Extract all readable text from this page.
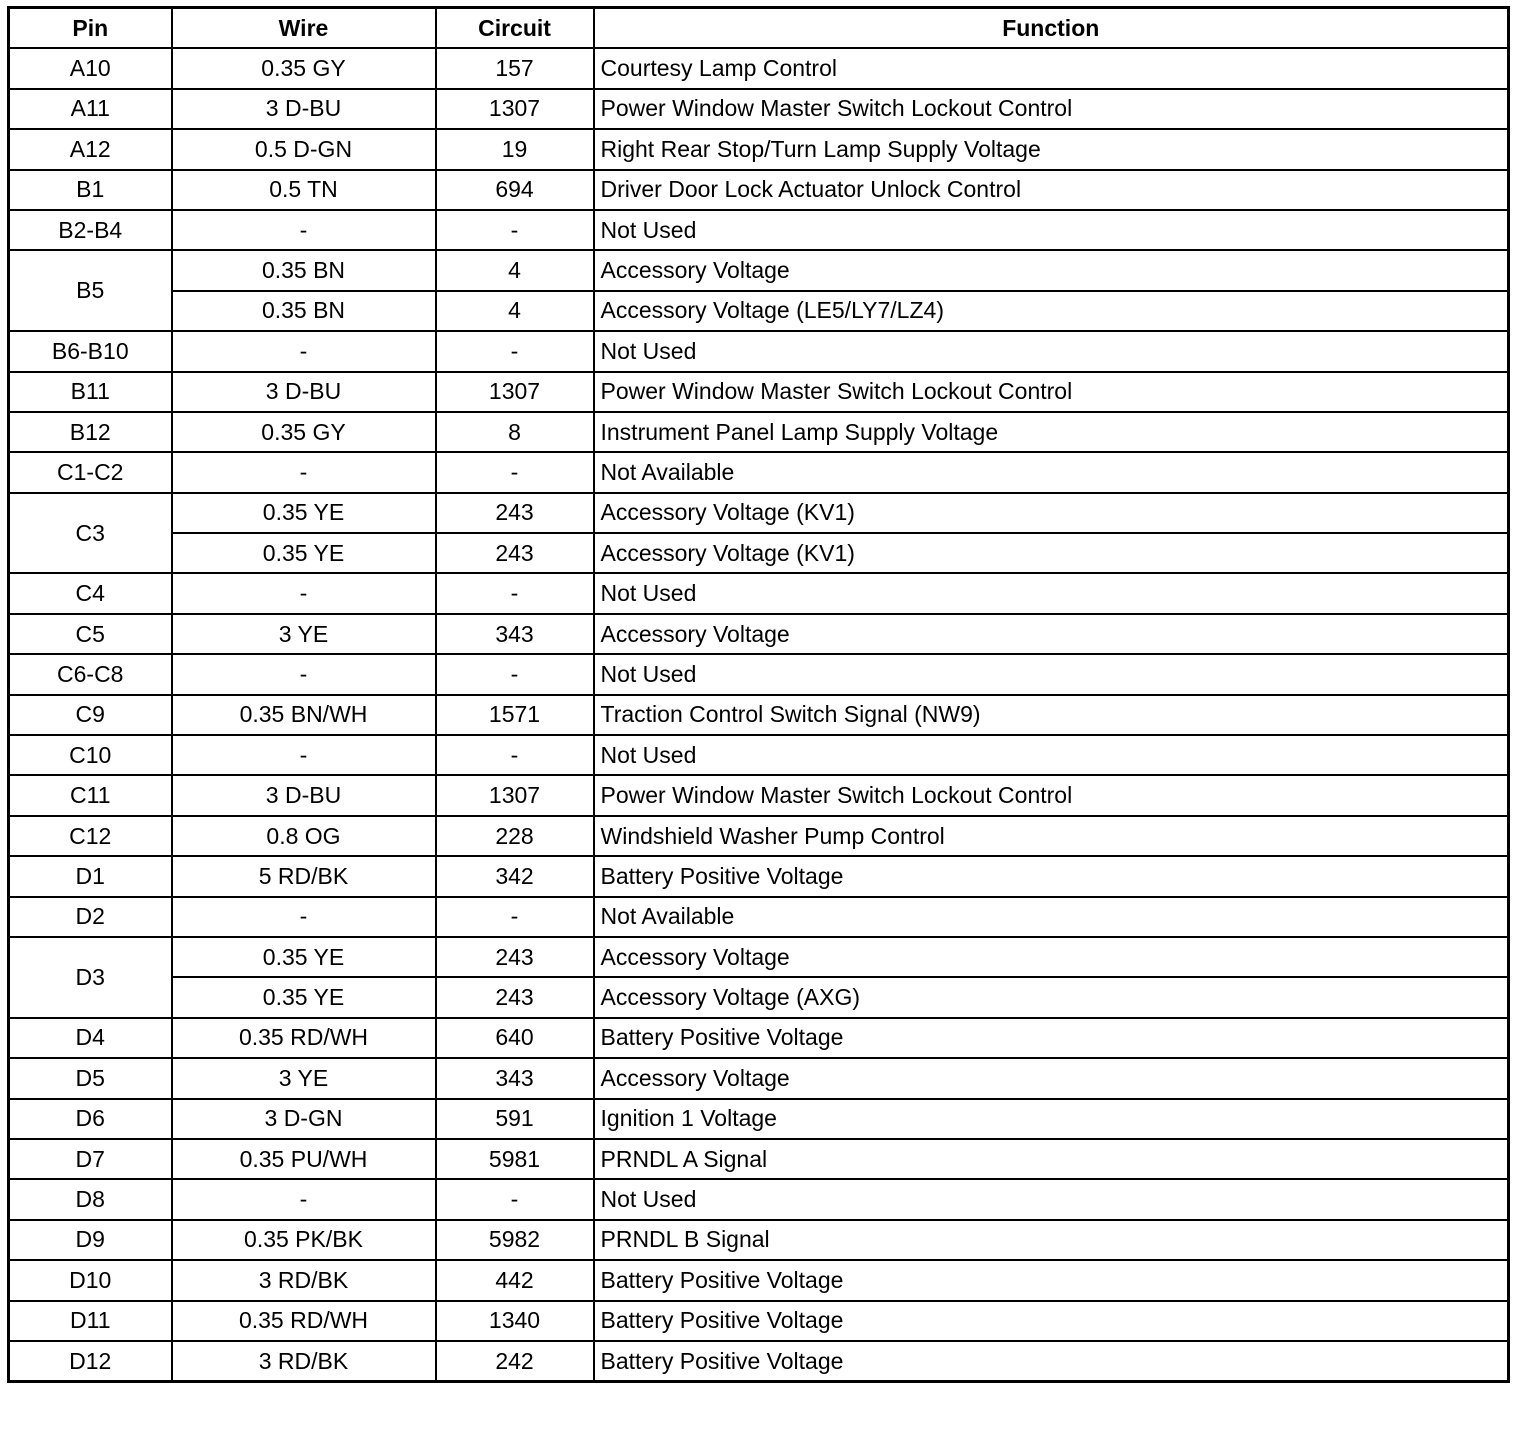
Pin	Wire	Circuit	Function
A10	0.35 GY	157	Courtesy Lamp Control
A11	3 D-BU	1307	Power Window Master Switch Lockout Control
A12	0.5 D-GN	19	Right Rear Stop/Turn Lamp Supply Voltage
B1	0.5 TN	694	Driver Door Lock Actuator Unlock Control
B2-B4	-	-	Not Used
B5	0.35 BN	4	Accessory Voltage
	0.35 BN	4	Accessory Voltage (LE5/LY7/LZ4)
B6-B10	-	-	Not Used
B11	3 D-BU	1307	Power Window Master Switch Lockout Control
B12	0.35 GY	8	Instrument Panel Lamp Supply Voltage
C1-C2	-	-	Not Available
C3	0.35 YE	243	Accessory Voltage (KV1)
	0.35 YE	243	Accessory Voltage (KV1)
C4	-	-	Not Used
C5	3 YE	343	Accessory Voltage
C6-C8	-	-	Not Used
C9	0.35 BN/WH	1571	Traction Control Switch Signal (NW9)
C10	-	-	Not Used
C11	3 D-BU	1307	Power Window Master Switch Lockout Control
C12	0.8 OG	228	Windshield Washer Pump Control
D1	5 RD/BK	342	Battery Positive Voltage
D2	-	-	Not Available
D3	0.35 YE	243	Accessory Voltage
	0.35 YE	243	Accessory Voltage (AXG)
D4	0.35 RD/WH	640	Battery Positive Voltage
D5	3 YE	343	Accessory Voltage
D6	3 D-GN	591	Ignition 1 Voltage
D7	0.35 PU/WH	5981	PRNDL A Signal
D8	-	-	Not Used
D9	0.35 PK/BK	5982	PRNDL B Signal
D10	3 RD/BK	442	Battery Positive Voltage
D11	0.35 RD/WH	1340	Battery Positive Voltage
D12	3 RD/BK	242	Battery Positive Voltage
